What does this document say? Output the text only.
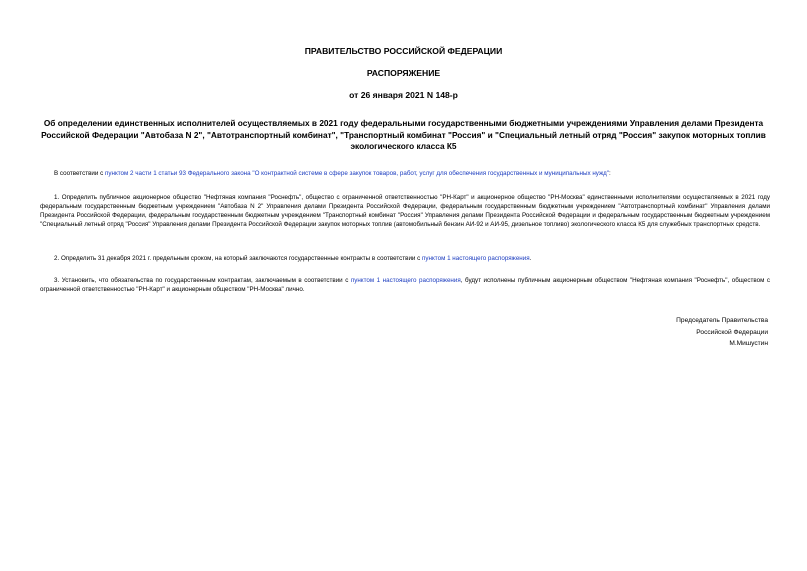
ПРАВИТЕЛЬСТВО РОССИЙСКОЙ ФЕДЕРАЦИИ
РАСПОРЯЖЕНИЕ
от 26 января 2021 N 148-р
Об определении единственных исполнителей осуществляемых в 2021 году федеральными государственными бюджетными учреждениями Управления делами Президента Российской Федерации "Автобаза N 2", "Автотранспортный комбинат", "Транспортный комбинат "Россия" и "Специальный летный отряд "Россия" закупок моторных топлив экологического класса К5
В соответствии с пунктом 2 части 1 статьи 93 Федерального закона "О контрактной системе в сфере закупок товаров, работ, услуг для обеспечения государственных и муниципальных нужд":
1. Определить публичное акционерное общество "Нефтяная компания "Роснефть", общество с ограниченной ответственностью "РН-Карт" и акционерное общество "РН-Москва" единственными исполнителями осуществляемых в 2021 году федеральным государственным бюджетным учреждением "Автобаза N 2" Управления делами Президента Российской Федерации, федеральным государственным бюджетным учреждением "Автотранспортный комбинат" Управления делами Президента Российской Федерации, федеральным государственным бюджетным учреждением "Транспортный комбинат "Россия" Управления делами Президента Российской Федерации и федеральным государственным бюджетным учреждением "Специальный летный отряд "Россия" Управления делами Президента Российской Федерации закупок моторных топлив (автомобильный бензин АИ-92 и АИ-95, дизельное топливо) экологического класса К5 для служебных транспортных средств.
2. Определить 31 декабря 2021 г. предельным сроком, на который заключаются государственные контракты в соответствии с пунктом 1 настоящего распоряжения.
3. Установить, что обязательства по государственным контрактам, заключаемым в соответствии с пунктом 1 настоящего распоряжения, будут исполнены публичным акционерным обществом "Нефтяная компания "Роснефть", обществом с ограниченной ответственностью "РН-Карт" и акционерным обществом "РН-Москва" лично.
Председатель Правительства
Российской Федерации
М.Мишустин
